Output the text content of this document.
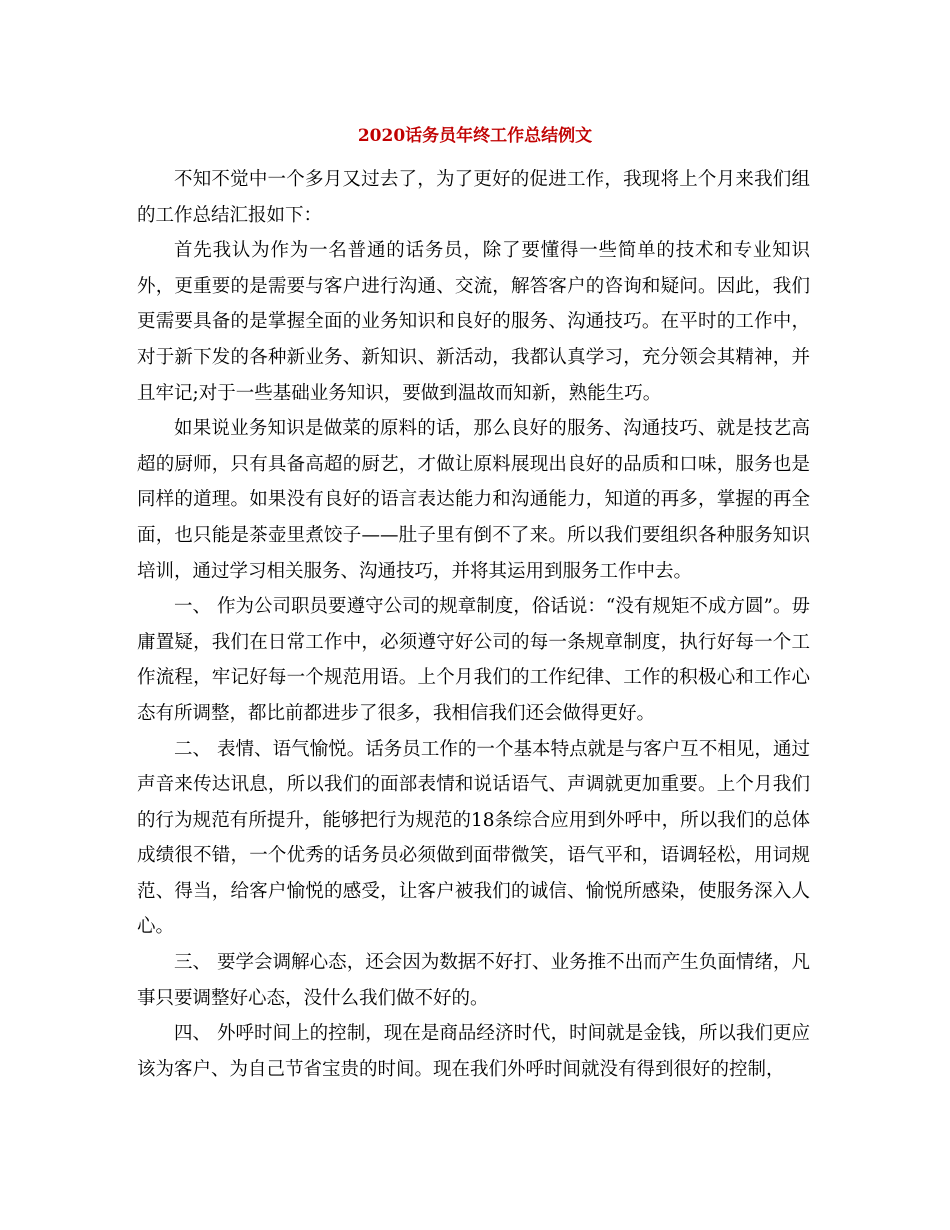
2020话务员年终工作总结例文

不知不觉中一个多月又过去了，为了更好的促进工作，我现将上个月来我们组的工作总结汇报如下：

首先我认为作为一名普通的话务员，除了要懂得一些简单的技术和专业知识外，更重要的是需要与客户进行沟通、交流，解答客户的咨询和疑问。因此，我们更需要具备的是掌握全面的业务知识和良好的服务、沟通技巧。在平时的工作中，对于新下发的各种新业务、新知识、新活动，我都认真学习，充分领会其精神，并且牢记;对于一些基础业务知识，要做到温故而知新，熟能生巧。

如果说业务知识是做菜的原料的话，那么良好的服务、沟通技巧、就是技艺高超的厨师，只有具备高超的厨艺，才做让原料展现出良好的品质和口味，服务也是同样的道理。如果没有良好的语言表达能力和沟通能力，知道的再多，掌握的再全面，也只能是茶壶里煮饺子——肚子里有倒不了来。所以我们要组织各种服务知识培训，通过学习相关服务、沟通技巧，并将其运用到服务工作中去。

一、 作为公司职员要遵守公司的规章制度，俗话说：“没有规矩不成方圆”。毋庸置疑，我们在日常工作中，必须遵守好公司的每一条规章制度，执行好每一个工作流程，牢记好每一个规范用语。上个月我们的工作纪律、工作的积极心和工作心态有所调整，都比前都进步了很多，我相信我们还会做得更好。

二、 表情、语气愉悦。话务员工作的一个基本特点就是与客户互不相见，通过声音来传达讯息，所以我们的面部表情和说话语气、声调就更加重要。上个月我们的行为规范有所提升，能够把行为规范的18条综合应用到外呼中，所以我们的总体成绩很不错，一个优秀的话务员必须做到面带微笑，语气平和，语调轻松，用词规范、得当，给客户愉悦的感受，让客户被我们的诚信、愉悦所感染，使服务深入人心。

三、 要学会调解心态，还会因为数据不好打、业务推不出而产生负面情绪，凡事只要调整好心态，没什么我们做不好的。

四、 外呼时间上的控制，现在是商品经济时代，时间就是金钱，所以我们更应该为客户、为自己节省宝贵的时间。现在我们外呼时间就没有得到很好的控制，
